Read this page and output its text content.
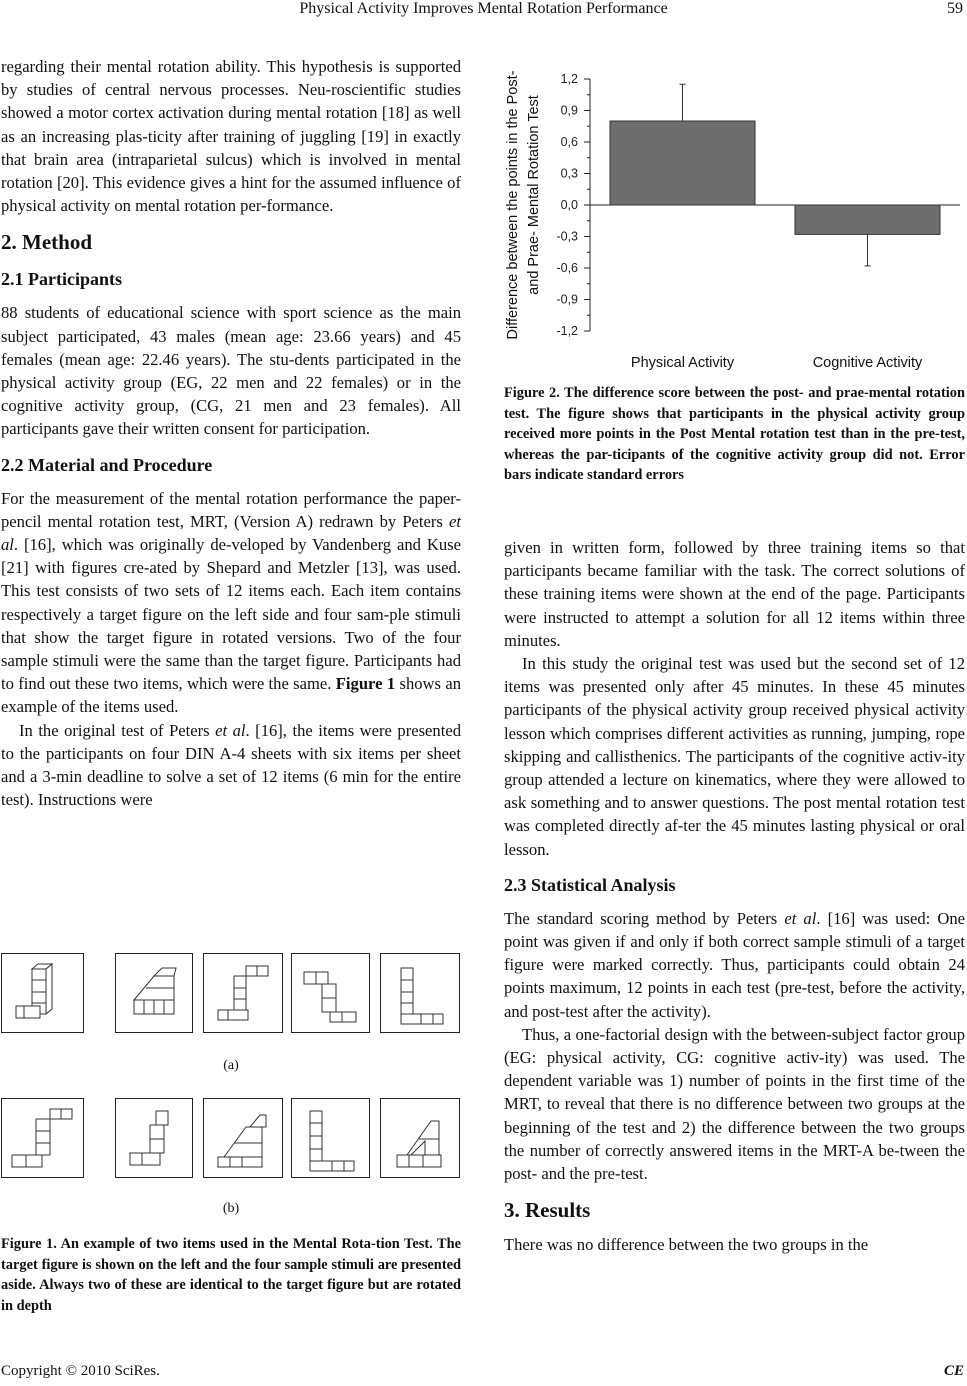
Physical Activity Improves Mental Rotation Performance	59

regarding their mental rotation ability. This hypothesis is supported by studies of central nervous processes. Neu-roscientific studies showed a motor cortex activation during mental rotation [18] as well as an increasing plas-ticity after training of juggling [19] in exactly that brain area (intraparietal sulcus) which is involved in mental rotation [20]. This evidence gives a hint for the assumed influence of physical activity on mental rotation per-formance.

2. Method
2.1 Participants

88 students of educational science with sport science as the main subject participated, 43 males (mean age: 23.66 years) and 45 females (mean age: 22.46 years). The stu-dents participated in the physical activity group (EG, 22 men and 22 females) or in the cognitive activity group, (CG, 21 men and 23 females). All participants gave their written consent for participation.

2.2 Material and Procedure

For the measurement of the mental rotation performance the paper-pencil mental rotation test, MRT, (Version A) redrawn by Peters et al. [16], which was originally de-veloped by Vandenberg and Kuse [21] with figures cre-ated by Shepard and Metzler [13], was used. This test consists of two sets of 12 items each. Each item contains respectively a target figure on the left side and four sam-ple stimuli that show the target figure in rotated versions. Two of the four sample stimuli were the same than the target figure. Participants had to find out these two items, which were the same. Figure 1 shows an example of the items used.

In the original test of Peters et al. [16], the items were presented to the participants on four DIN A-4 sheets with six items per sheet and a 3-min deadline to solve a set of 12 items (6 min for the entire test). Instructions were

(a)
(b)
Figure 1. An example of two items used in the Mental Rota-tion Test. The target figure is shown on the left and the four sample stimuli are presented aside. Always two of these are identical to the target figure but are rotated in depth
1,2
0,9
0,6
0,3
0,0
-0,3
-0,6
-0,9
-1,2
Physical Activity	Cognitive Activity
Difference between the points in the Post- and Prae- Mental Rotation Test
Figure 2. The difference score between the post- and prae-mental rotation test. The figure shows that participants in the physical activity group received more points in the Post Mental rotation test than in the pre-test, whereas the par-ticipants of the cognitive activity group did not. Error bars indicate standard errors

given in written form, followed by three training items so that participants became familiar with the task. The correct solutions of these training items were shown at the end of the page. Participants were instructed to attempt a solution for all 12 items within three minutes.

In this study the original test was used but the second set of 12 items was presented only after 45 minutes. In these 45 minutes participants of the physical activity group received physical activity lesson which comprises different activities as running, jumping, rope skipping and callisthenics. The participants of the cognitive activ-ity group attended a lecture on kinematics, where they were allowed to ask something and to answer questions. The post mental rotation test was completed directly af-ter the 45 minutes lasting physical or oral lesson.

2.3 Statistical Analysis

The standard scoring method by Peters et al. [16] was used: One point was given if and only if both correct sample stimuli of a target figure were marked correctly. Thus, participants could obtain 24 points maximum, 12 points in each test (pre-test, before the activity, and post-test after the activity).

Thus, a one-factorial design with the between-subject factor group (EG: physical activity, CG: cognitive activ-ity) was used. The dependent variable was 1) number of points in the first time of the MRT, to reveal that there is no difference between two groups at the beginning of the test and 2) the difference between the two groups the number of correctly answered items in the MRT-A be-tween the post- and the pre-test.

3. Results

There was no difference between the two groups in the

Copyright © 2010 SciRes.	CE
